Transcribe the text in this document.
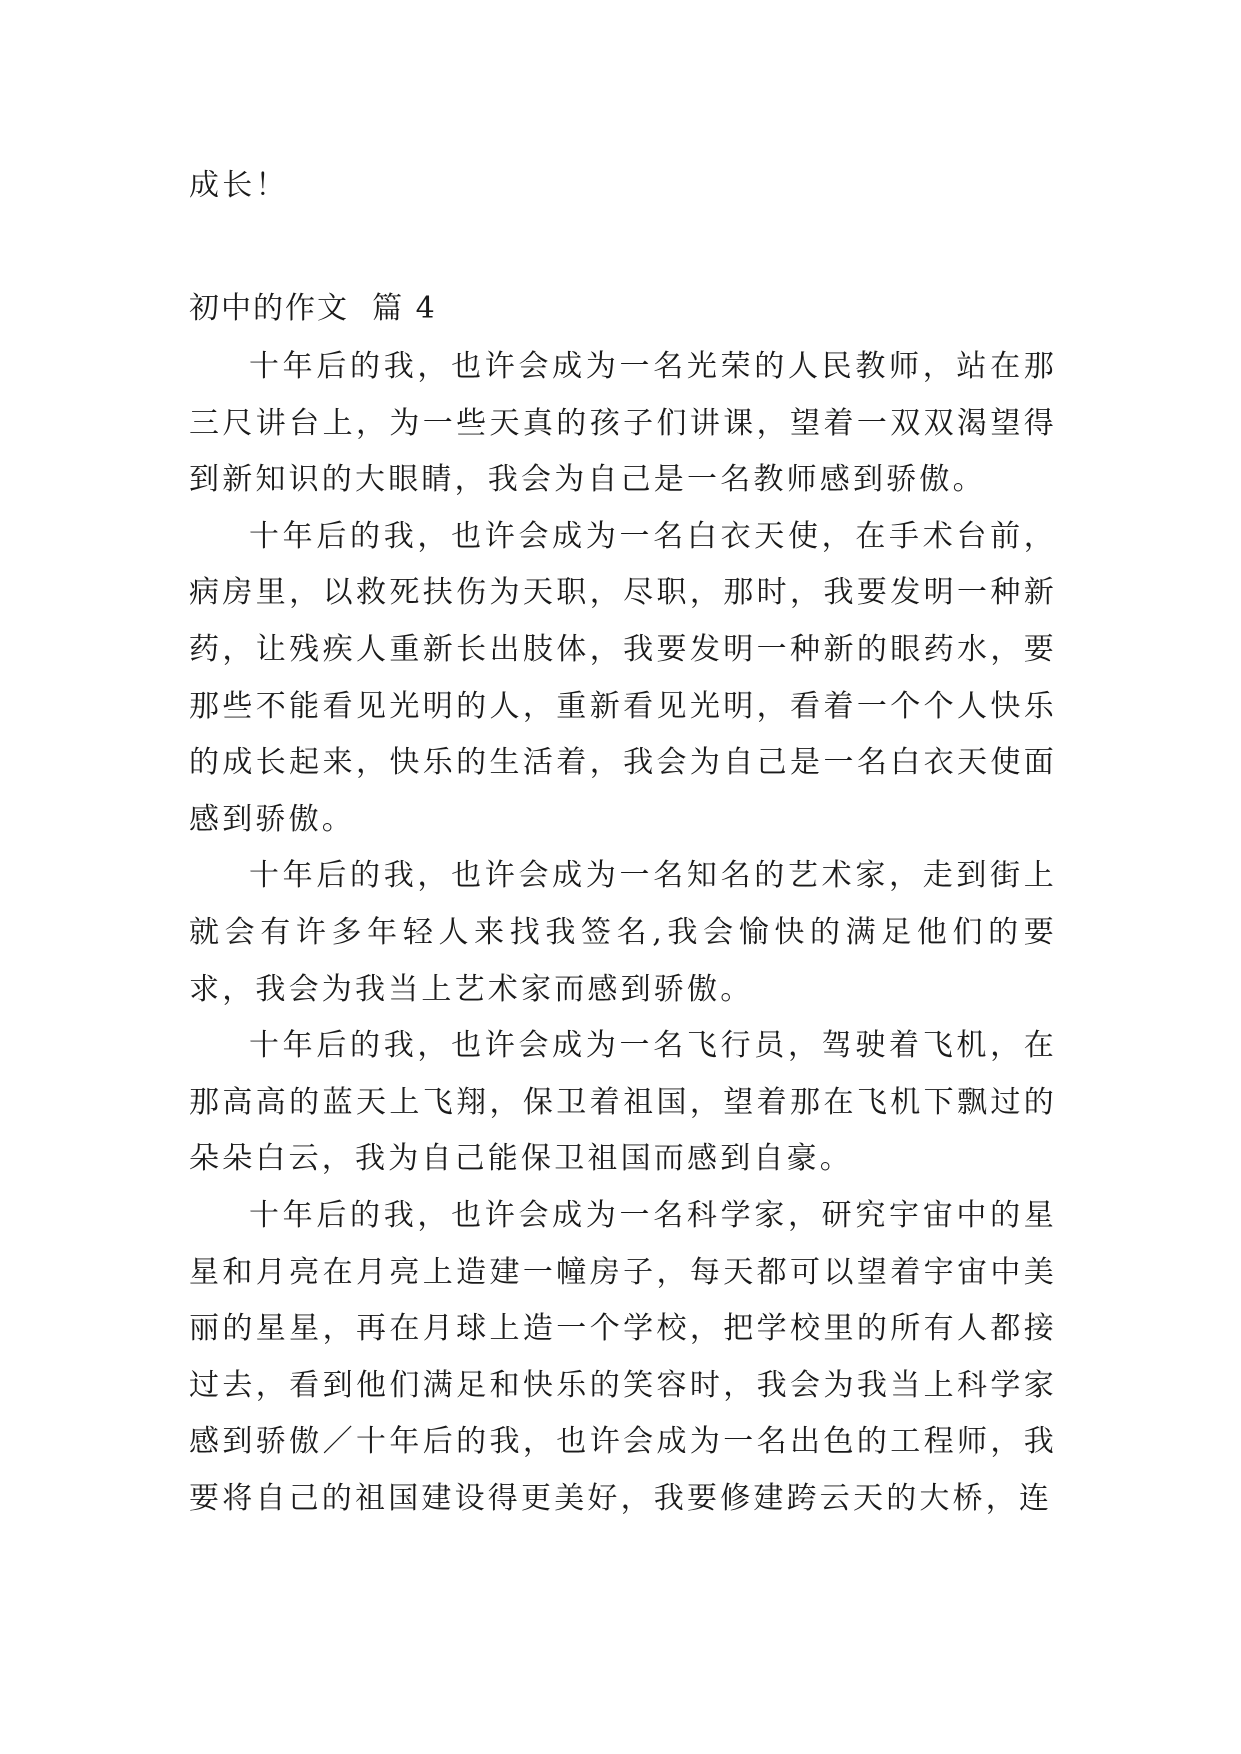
成长！
初中的作文  篇 4

十年后的我，也许会成为一名光荣的人民教师，站在那三尺讲台上，为一些天真的孩子们讲课，望着一双双渴望得到新知识的大眼睛，我会为自己是一名教师感到骄傲。

十年后的我，也许会成为一名白衣天使，在手术台前，病房里，以救死扶伤为天职，尽职，那时，我要发明一种新药，让残疾人重新长出肢体，我要发明一种新的眼药水，要那些不能看见光明的人，重新看见光明，看着一个个人快乐的成长起来，快乐的生活着，我会为自己是一名白衣天使面感到骄傲。

十年后的我，也许会成为一名知名的艺术家，走到街上就会有许多年轻人来找我签名,我会愉快的满足他们的要求，我会为我当上艺术家而感到骄傲。

十年后的我，也许会成为一名飞行员，驾驶着飞机，在那高高的蓝天上飞翔，保卫着祖国，望着那在飞机下飘过的朵朵白云，我为自己能保卫祖国而感到自豪。

十年后的我，也许会成为一名科学家，研究宇宙中的星星和月亮在月亮上造建一幢房子，每天都可以望着宇宙中美丽的星星，再在月球上造一个学校，把学校里的所有人都接过去，看到他们满足和快乐的笑容时，我会为我当上科学家感到骄傲／十年后的我，也许会成为一名出色的工程师，我要将自己的祖国建设得更美好，我要修建跨云天的大桥，连
